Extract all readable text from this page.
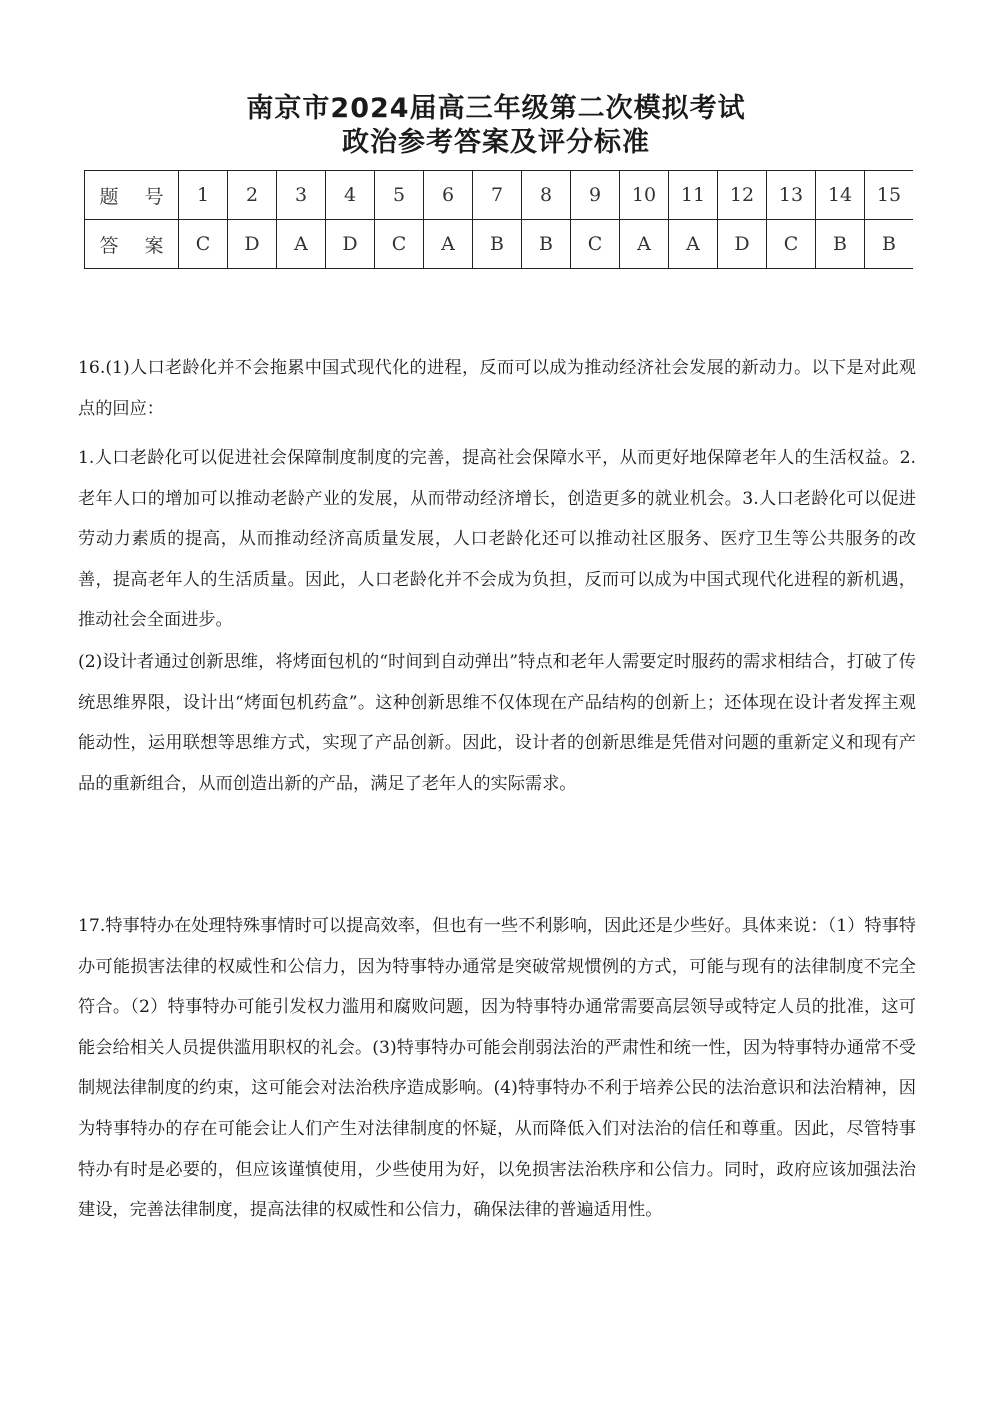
南京市2024届高三年级第二次模拟考试
政治参考答案及评分标准
题 号	1	2	3	4	5	6	7	8	9	10	11	12	13	14	15
答 案	C	D	A	D	C	A	B	B	C	A	A	D	C	B	B

16.(1)人口老龄化并不会拖累中国式现代化的进程，反而可以成为推动经济社会发展的新动力。以下是对此观点的回应：

1.人口老龄化可以促进社会保障制度制度的完善，提高社会保障水平，从而更好地保障老年人的生活权益。2.老年人口的增加可以推动老龄产业的发展，从而带动经济增长，创造更多的就业机会。3.人口老龄化可以促进劳动力素质的提高，从而推动经济高质量发展，人口老龄化还可以推动社区服务、医疗卫生等公共服务的改善，提高老年人的生活质量。因此，人口老龄化并不会成为负担，反而可以成为中国式现代化进程的新机遇，推动社会全面进步。

(2)设计者通过创新思维，将烤面包机的“时间到自动弹出”特点和老年人需要定时服药的需求相结合，打破了传统思维界限，设计出“烤面包机药盒”。这种创新思维不仅体现在产品结构的创新上；还体现在设计者发挥主观能动性，运用联想等思维方式，实现了产品创新。因此，设计者的创新思维是凭借对问题的重新定义和现有产品的重新组合，从而创造出新的产品，满足了老年人的实际需求。

17.特事特办在处理特殊事情时可以提高效率，但也有一些不利影响，因此还是少些好。具体来说：（1）特事特办可能损害法律的权威性和公信力，因为特事特办通常是突破常规惯例的方式，可能与现有的法律制度不完全符合。（2）特事特办可能引发权力滥用和腐败问题，因为特事特办通常需要高层领导或特定人员的批准，这可能会给相关人员提供滥用职权的礼会。(3)特事特办可能会削弱法治的严肃性和统一性，因为特事特办通常不受制规法律制度的约束，这可能会对法治秩序造成影响。(4)特事特办不利于培养公民的法治意识和法治精神，因为特事特办的存在可能会让人们产生对法律制度的怀疑，从而降低入们对法治的信任和尊重。因此，尽管特事特办有时是必要的，但应该谨慎使用，少些使用为好，以免损害法治秩序和公信力。同时，政府应该加强法治建设，完善法律制度，提高法律的权威性和公信力，确保法律的普遍适用性。
